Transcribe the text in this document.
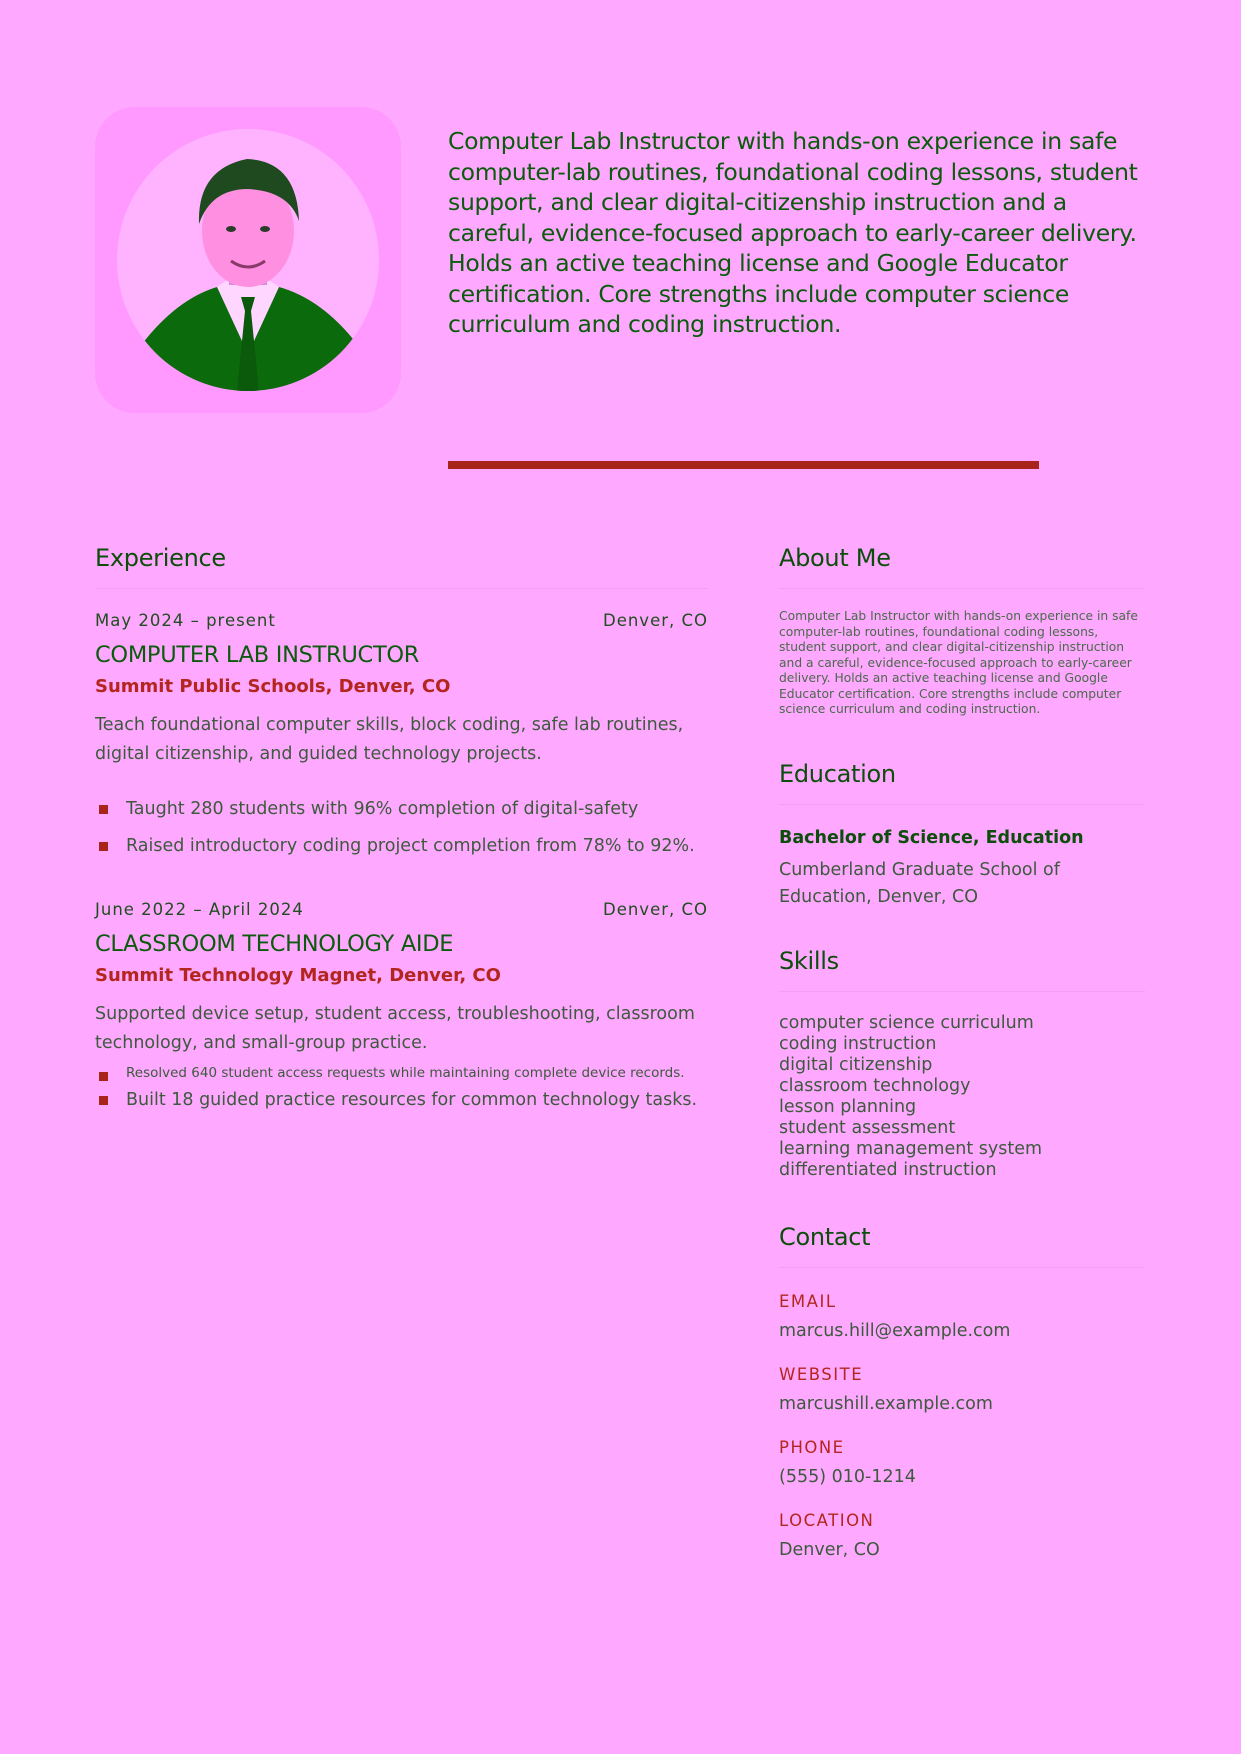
Computer Lab Instructor with hands-on experience in safe computer-lab routines, foundational coding lessons, student support, and clear digital-citizenship instruction and a careful, evidence-focused approach to early-career delivery. Holds an active teaching license and Google Educator certification. Core strengths include computer science curriculum and coding instruction.
Experience
May 2024 – present	Denver, CO
COMPUTER LAB INSTRUCTOR
Summit Public Schools, Denver, CO
Teach foundational computer skills, block coding, safe lab routines, digital citizenship, and guided technology projects.
Taught 280 students with 96% completion of digital-safety
Raised introductory coding project completion from 78% to 92%.
June 2022 – April 2024	Denver, CO
CLASSROOM TECHNOLOGY AIDE
Summit Technology Magnet, Denver, CO
Supported device setup, student access, troubleshooting, classroom technology, and small-group practice.
Resolved 640 student access requests while maintaining complete device records.
Built 18 guided practice resources for common technology tasks.
About Me
Computer Lab Instructor with hands-on experience in safe computer-lab routines, foundational coding lessons, student support, and clear digital-citizenship instruction and a careful, evidence-focused approach to early-career delivery. Holds an active teaching license and Google Educator certification. Core strengths include computer science curriculum and coding instruction.
Education
Bachelor of Science, Education
Cumberland Graduate School of Education, Denver, CO
Skills
computer science curriculum
coding instruction
digital citizenship
classroom technology
lesson planning
student assessment
learning management system
differentiated instruction
Contact
EMAIL
marcus.hill@example.com
WEBSITE
marcushill.example.com
PHONE
(555) 010-1214
LOCATION
Denver, CO
